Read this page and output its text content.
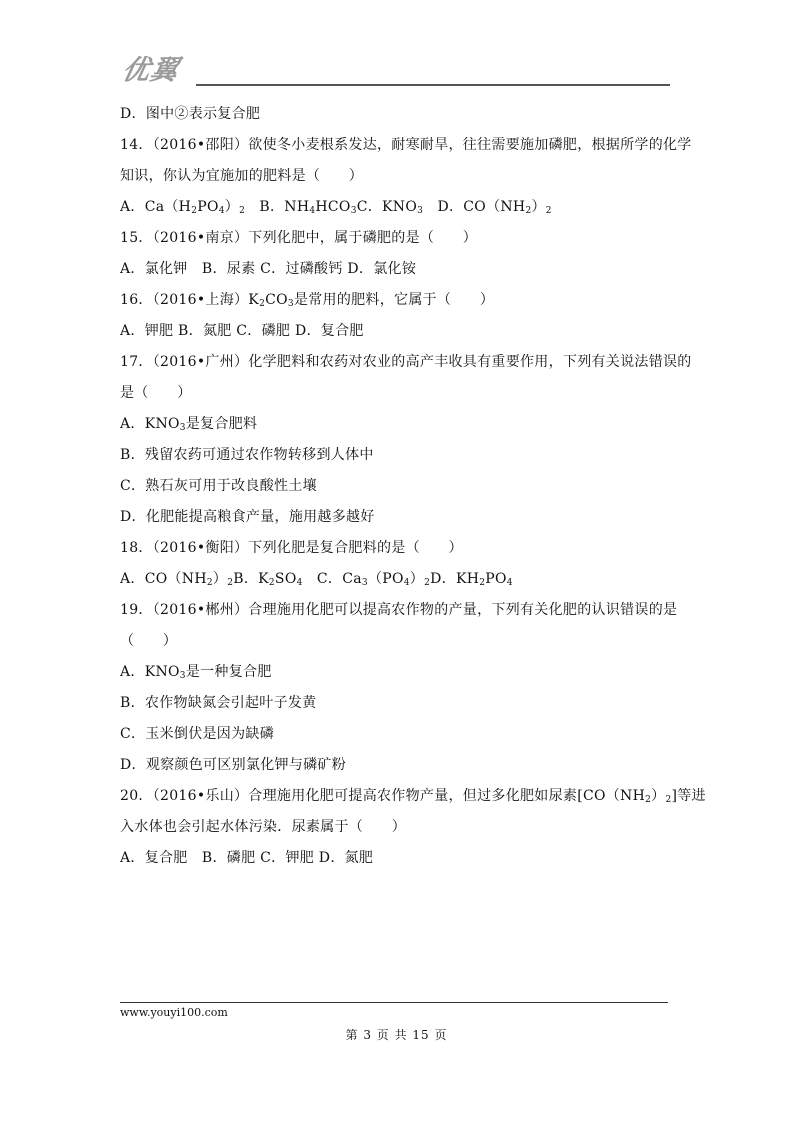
优翼
D．图中②表示复合肥
14．（2016•邵阳）欲使冬小麦根系发达，耐寒耐旱，往往需要施加磷肥，根据所学的化学
知识，你认为宜施加的肥料是（　　）
A．$Ca(H_2PO_4)_2$　B．$NH_4HCO_3C$．$KNO_3$　D．$CO(NH_2)_2$
15．（2016•南京）下列化肥中，属于磷肥的是（　　）
A．氯化钾　B．尿素 C．过磷酸钙 D．氯化铵
16．（2016•上海）$K_2CO_3$是常用的肥料，它属于（　　）
A．钾肥 B．氮肥 C．磷肥 D．复合肥
17．（2016•广州）化学肥料和农药对农业的高产丰收具有重要作用，下列有关说法错误的
是（　　）
A．$KNO_3$是复合肥料
B．残留农药可通过农作物转移到人体中
C．熟石灰可用于改良酸性土壤
D．化肥能提高粮食产量，施用越多越好
18．（2016•衡阳）下列化肥是复合肥料的是（　　）
A．$CO(NH_2)_2B$．$K_2SO_4$　C．$Ca_3(PO_4)_2D$．$KH_2PO_4$
19．（2016•郴州）合理施用化肥可以提高农作物的产量，下列有关化肥的认识错误的是
（　　）
A．$KNO_3$是一种复合肥
B．农作物缺氮会引起叶子发黄
C．玉米倒伏是因为缺磷
D．观察颜色可区别氯化钾与磷矿粉
20．（2016•乐山）合理施用化肥可提高农作物产量，但过多化肥如尿素$[CO(NH_2)_2]$等进
入水体也会引起水体污染．尿素属于（　　）
A．复合肥　B．磷肥 C．钾肥 D．氮肥
www.youyi100.com
第 3 页 共 15 页
